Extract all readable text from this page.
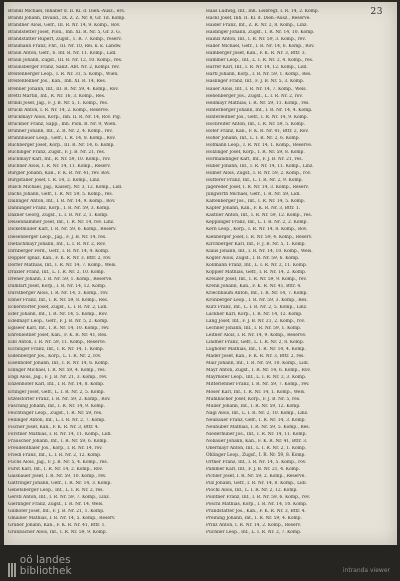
23
Brandl Michael, Inhaber d. II. Kl. d. Dien.-Ausz., ers.
Brandl Johann, Invalid., IX. Z. Z. Nr. 8, Gr. 1d. Komp.
Brandner Alois, Gefr., III. R. Nr. 14, 9. Komp., Rov.
Brandstetter Josef, Pion., Inh. XI. R. Nr. 5, Gr. z. G.
Brandstätter Rupert, Zugsf., 1. R. 7. Komp., reserv.
Braumann Franz, Fhr., III. Nr. 10, Rei. k. k. Landw.
Braun Anton, Gefr., 6. Inf. R. Nr. 11. Komp., Lidl.
Braun Johann, Zugsf., III. R. Nr. 12, 10. Komp., res.
Braunsberger Franz, Sanit. Abt. Nr. 2, Kompl. rev.
Breitenberger Leop., I. R. Nr. 31, 5. Komp., Wien.
Breitenfellner Jos., Kan., Inh. XI. R. 14, Res.
Brenner Johann, Inf., III. R. Nr. 59, 4. Komp., Rov.
Brettl Martin, Inf., R. Nr. 16, 3. Komp., Res.
Brindl Josef, Jäg., F. J. B. Nr. 5, 1. Komp., res.
Brückl Anton, I. R. Nr. 14, 2. Komp., Reserve.
Bruckmayr Alois, Korp., Inh. II. R. Nr. 14, Rov. Pig.
Brückner Franz, Sapp., Inh. Pion. B. Nr. 9, Wien.
Brunner Johann, Inf., Z. R. Nr. 2, 4. Komp., rev.
Brunnbauer Leop., Gefr., I. R. 14, 8. Komp., Rov.
Buchberger Josef, Korp., III. R. Nr. 14, 6. Komp.
Buchinger Franz, Zugsf., F. J. B. Nr. 21, res.
Buchmayr Karl, Inf., R. Nr. 59, 10. Komp., rov.
Buchner Alois, I. R. Nr. 14, 11. Komp., Reserv.
Bürgler Johann, Kan., F. K. R. Nr. 41, rev. Rov.
Burgstaller Josef, I. R. 14, 2. Komp., Linz.
Busch Michael, Jäg., Kaiserj. Nr. 3, 12. Komp., Lidl.
Dachs Johann, Gefr., I. R. Nr. 59, 5. Komp., res.
Dallinger Anton, Inf., I. R. Nr. 14, 9. Komp., Rov.
Danninger Franz, Korp., I. R. Nr. 59, 3. Komp.
Daxner Georg, Zugsf., L. I. R. Nr. 2, 1. Komp.
Deisenhammer Josef, Inf., I. R. Nr. 14, rev. Linz.
Dicketmüller Karl, I. R. Nr. 59, 6. Komp., Reserv.
Diesenberger Leop., Jäg., F. J. B. Nr. 14, res.
Dietachmayr Johann, Inf., L. I. R. Nr. 2, Rov.
Dirnberger Ferd., Gefr., I. R. Nr. 14, 4. Komp.
Doppler Ignaz, Kan., F. K. R. Nr. 3, Bttr. 2, rov.
Dorfer Mathias, Inf., I. R. Nr. 14, 7. Komp., Wels.
Draxler Franz, Inf., L. I. R. Nr. 2, 10. Komp.
Dreher Johann, I. R. Nr. 59, 1. Komp., Reserve.
Dumfart Josef, Korp., I. R. Nr. 14, 12. Komp.
Durstberger Alois, I. R. Nr. 14, 3. Komp., rov.
Ebner Franz, Inf., I. R. Nr. 59, 8. Komp., Res.
Eckerstorfer Josef, Zugsf., L. I. R. Nr. 2, Lidl.
Eder Johann, Inf., I. R. Nr. 14, 5. Komp., Rov.
Edelmayr Leop., Gefr., F. J. B. Nr. 5, 2. Komp.
Eglseer Karl, Inf., I. R. Nr. 14, 10. Komp., rev.
Ehrenleitner Josef, Kan., F. K. R. Nr. 41, Res.
Eibl Anton, I. R. Nr. 59, 11. Komp., Reserve.
Eichinger Franz, Inf., I. R. Nr. 14, 1. Komp.
Eidenberger Jos., Korp., L. I. R. Nr. 2, rov.
Eisenhofer Johann, Inf., I. R. Nr. 14, 6. Komp.
Ellinger Michael, I. R. Nr. 59, 4. Komp., res.
Engl Alois, Jäg., F. J. B. Nr. 21, 3. Komp., rev.
Enzenhofer Karl, Inf., I. R. Nr. 14, 8. Komp.
Erlinger Josef, Gefr., L. I. R. Nr. 2, 5. Komp.
Etzelstorfer Franz, I. R. Nr. 59, 2. Komp., Rov.
Fasching Johann, Inf., I. R. Nr. 14, 9. Komp.
Feichtinger Leop., Zugsf., I. R. Nr. 59, res.
Fellinger Anton, Inf., L. I. R. Nr. 2, 7. Komp.
Fischer Josef, Kan., F. K. R. Nr. 3, Bttr. 4.
Forstner Mathias, I. R. Nr. 14, 11. Komp., Lidl.
Frauscher Johann, Inf., I. R. Nr. 59, 6. Komp.
Freudenthaler Jos., Korp., I. R. Nr. 14, rov.
Friedl Franz, Inf., L. I. R. Nr. 2, 12. Komp.
Fuchs Alois, Jäg., F. J. B. Nr. 5, 4. Komp., res.
Fürst Karl, Inf., I. R. Nr. 14, 2. Komp., Rov.
Gaisbauer Josef, I. R. Nr. 59, 10. Komp., rev.
Gattringer Johann, Gefr., I. R. Nr. 14, 3. Komp.
Gebetsberger Leop., Inf., L. I. R. Nr. 2, res.
Gerstl Anton, Inf., I. R. Nr. 59, 7. Komp., Linz.
Gierlinger Franz, Zugsf., I. R. Nr. 14, Wels.
Gillhofer Josef, Inf., F. J. B. Nr. 21, 1. Komp.
Gmainer Mathias, I. R. Nr. 14, 5. Komp., Reserv.
Gruber Johann, Kan., F. K. R. Nr. 41, Bttr. 1.
Grünbacher Alois, Inf., I. R. Nr. 59, 9. Komp.
Haas Ludwig, Inf., Inh. Leibregt. I. R. 14, 2. Komp.
Hackl Josef, Inh. II. Kl. d. Dien.-Ausz., Reserve.
Haider Franz, Inf., Z. R. Nr. 2, 8. Komp., Linz.
Haidinger Johann, Zugsf., I. R. Nr. 14, 10. Komp.
Hainzl Anton, Inf., I. R. Nr. 59, 3. Komp., rev.
Haller Michael, Gefr., I. R. Nr. 14, 6. Komp., Rov.
Hamberger Josef, Kan., F. K. R. Nr. 3, Bttr. 3.
Hammer Leop., Inf., L. I. R. Nr. 2, 4. Komp., res.
Harrer Karl, Inf., I. R. Nr. 14, 12. Komp., Lidl.
Hartl Johann, Korp., I. R. Nr. 59, 1. Komp., Res.
Haslinger Franz, Inf., F. J. B. Nr. 5, 3. Komp.
Hauer Alois, Inf., I. R. Nr. 14, 7. Komp., Wels.
Hehenberger Jos., Zugsf., L. I. R. Nr. 2, rov.
Heilmayr Mathias, I. R. Nr. 59, 11. Komp., res.
Hinterberger Johann, Inf., I. R. Nr. 14, 4. Komp.
Hinterleitner Jos., Gefr., I. R. Nr. 14, 9. Komp.
Hochreiter Anton, Inf., I. R. Nr. 59, 5. Komp.
Hofer Franz, Kan., F. K. R. Nr. 41, Bttr. 2, Rov.
Höfler Johann, Inf., L. I. R. Nr. 2, 6. Komp.
Hofmann Leop., I. R. Nr. 14, 1. Komp., Reserve.
Holzinger Josef, Korp., I. R. Nr. 59, 8. Komp.
Hörmandinger Karl, Inf., F. J. B. Nr. 21, res.
Huber Johann, Inf., I. R. Nr. 14, 11. Komp., Linz.
Humer Alois, Zugsf., I. R. Nr. 59, 2. Komp., rov.
Hutterer Franz, Inf., L. I. R. Nr. 2, 9. Komp.
Jagereder Josef, I. R. Nr. 14, 3. Komp., Reserv.
Jungwirth Michael, Gefr., I. R. Nr. 59, Lidl.
Kaltenberger Jos., Inf., I. R. Nr. 14, 5. Komp.
Kapfer Johann, Kan., F. K. R. Nr. 3, Bttr. 1.
Kastner Anton, Inf., I. R. Nr. 59, 12. Komp., res.
Kepplinger Franz, Inf., L. I. R. Nr. 2, 2. Komp.
Kern Leop., Korp., I. R. Nr. 14, 8. Komp., Rov.
Kienberger Josef, I. R. Nr. 59, 4. Komp., Reserv.
Kirchberger Karl, Inf., F. J. B. Nr. 5, 1. Komp.
Klaus Johann, Inf., I. R. Nr. 14, 10. Komp., Wels.
Kogler Alois, Zugsf., I. R. Nr. 59, 6. Komp.
Kollmann Franz, Inf., L. I. R. Nr. 2, 11. Komp.
Koppler Mathias, Gefr., I. R. Nr. 14, 2. Komp.
Kreuzer Josef, Inf., I. R. Nr. 59, 9. Komp., rev.
Krenn Johann, Kan., F. K. R. Nr. 41, Bttr. 4.
Kriechbaum Anton, Inf., I. R. Nr. 14, 7. Komp.
Kronberger Leop., I. R. Nr. 59, 3. Komp., Res.
Kurz Franz, Inf., L. I. R. Nr. 2, 5. Komp., Linz.
Lackner Karl, Korp., I. R. Nr. 14, 12. Komp.
Lang Josef, Inf., F. J. B. Nr. 21, 2. Komp., rov.
Lechner Johann, Inf., I. R. Nr. 59, 1. Komp.
Leitner Alois, I. R. Nr. 14, 9. Komp., Reserve.
Lindner Franz, Gefr., L. I. R. Nr. 2, 8. Komp.
Lughofer Mathias, Inf., I. R. Nr. 14, 4. Komp.
Mader Josef, Kan., F. K. R. Nr. 3, Bttr. 2, res.
Mair Johann, Inf., I. R. Nr. 59, 10. Komp., Lidl.
Mayr Anton, Zugsf., I. R. Nr. 14, 6. Komp., Rov.
Mayrhofer Leop., Inf., L. I. R. Nr. 2, 3. Komp.
Mitterlehner Franz, I. R. Nr. 59, 7. Komp., rev.
Moser Karl, Inf., I. R. Nr. 14, 1. Komp., Wels.
Mühlbacher Josef, Korp., F. J. B. Nr. 5, res.
Müller Johann, Inf., I. R. Nr. 59, 12. Komp.
Nagl Alois, Inf., L. I. R. Nr. 2, 10. Komp., Linz.
Neubauer Franz, Gefr., I. R. Nr. 14, 3. Komp.
Neuhuber Mathias, I. R. Nr. 59, 5. Komp., Res.
Niederhuber Jos., Inf., I. R. Nr. 14, 11. Komp.
Nöbauer Johann, Kan., F. K. R. Nr. 41, Bttr. 3.
Obermayr Anton, Inf., L. I. R. Nr. 2, 1. Komp.
Öhlinger Leop., Zugsf., I. R. Nr. 59, 8. Komp.
Ortner Franz, Inf., I. R. Nr. 14, 5. Komp., rov.
Pammer Karl, Inf., F. J. B. Nr. 21, 4. Komp.
Pichler Josef, I. R. Nr. 59, 2. Komp., Reserve.
Pilz Johann, Gefr., I. R. Nr. 14, 8. Komp., Lidl.
Plöchl Alois, Inf., L. I. R. Nr. 2, 12. Komp.
Pointner Franz, Inf., I. R. Nr. 59, 6. Komp., rev.
Pöschl Mathias, Korp., I. R. Nr. 14, 10. Komp.
Prandstätter Jos., Kan., F. K. R. Nr. 3, Bttr. 4.
Preining Johann, Inf., I. R. Nr. 59, 4. Komp.
Prinz Anton, I. R. Nr. 14, 2. Komp., Reserv.
Puchner Leop., Inf., L. I. R. Nr. 2, 7. Komp.
oö landes
bibliothek	intranda viewer
